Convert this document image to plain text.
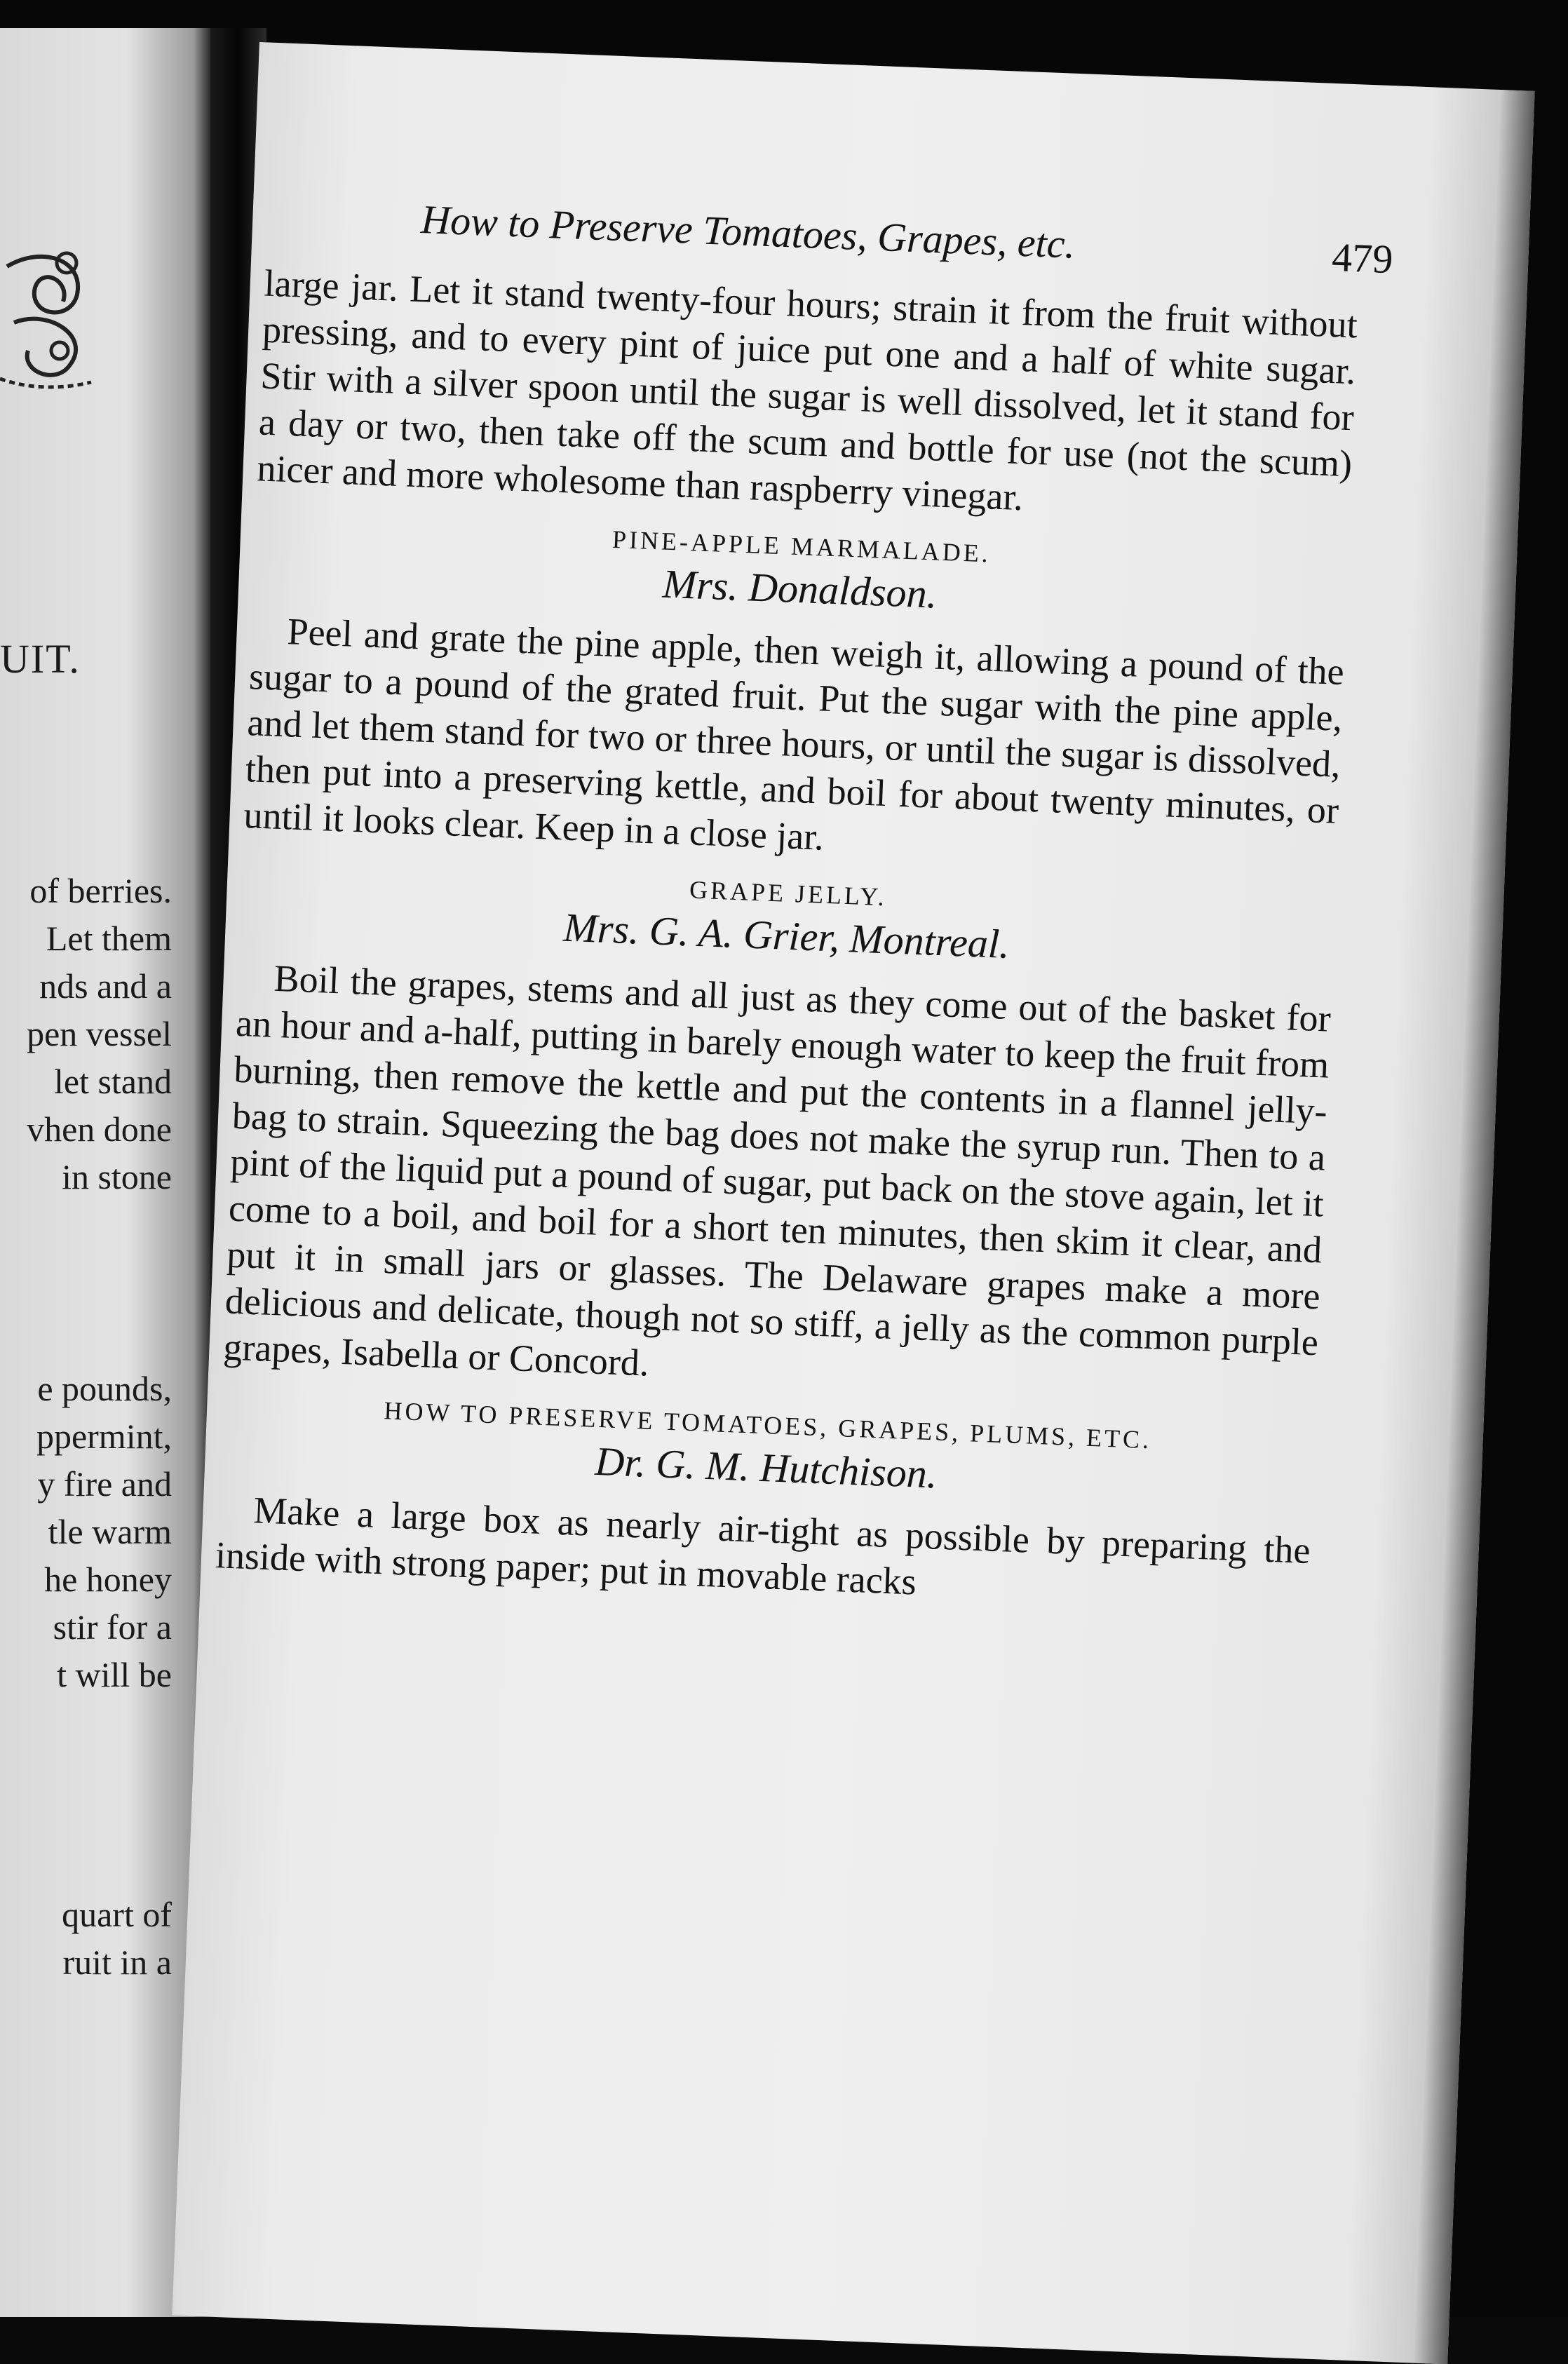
UIT.
of berries.
Let them
nds and a
pen vessel
let stand
vhen done
in stone
e pounds,
ppermint,
y fire and
tle warm
he honey
stir for a
t will be
quart of
ruit in a
How to Preserve Tomatoes, Grapes, etc.	479

large jar. Let it stand twenty-four hours; strain it from the fruit without pressing, and to every pint of juice put one and a half of white sugar. Stir with a silver spoon until the sugar is well dissolved, let it stand for a day or two, then take off the scum and bottle for use (not the scum) nicer and more wholesome than raspberry vinegar.

PINE-APPLE MARMALADE.
Mrs. Donaldson.

Peel and grate the pine apple, then weigh it, allowing a pound of the sugar to a pound of the grated fruit. Put the sugar with the pine apple, and let them stand for two or three hours, or until the sugar is dissolved, then put into a preserving kettle, and boil for about twenty minutes, or until it looks clear. Keep in a close jar.

GRAPE JELLY.
Mrs. G. A. Grier, Montreal.

Boil the grapes, stems and all just as they come out of the basket for an hour and a-half, putting in barely enough water to keep the fruit from burning, then remove the kettle and put the contents in a flannel jelly-bag to strain. Squeezing the bag does not make the syrup run. Then to a pint of the liquid put a pound of sugar, put back on the stove again, let it come to a boil, and boil for a short ten minutes, then skim it clear, and put it in small jars or glasses. The Delaware grapes make a more delicious and delicate, though not so stiff, a jelly as the common purple grapes, Isabella or Concord.

HOW TO PRESERVE TOMATOES, GRAPES, PLUMS, ETC.
Dr. G. M. Hutchison.

Make a large box as nearly air-tight as possible by preparing the inside with strong paper; put in movable racks
